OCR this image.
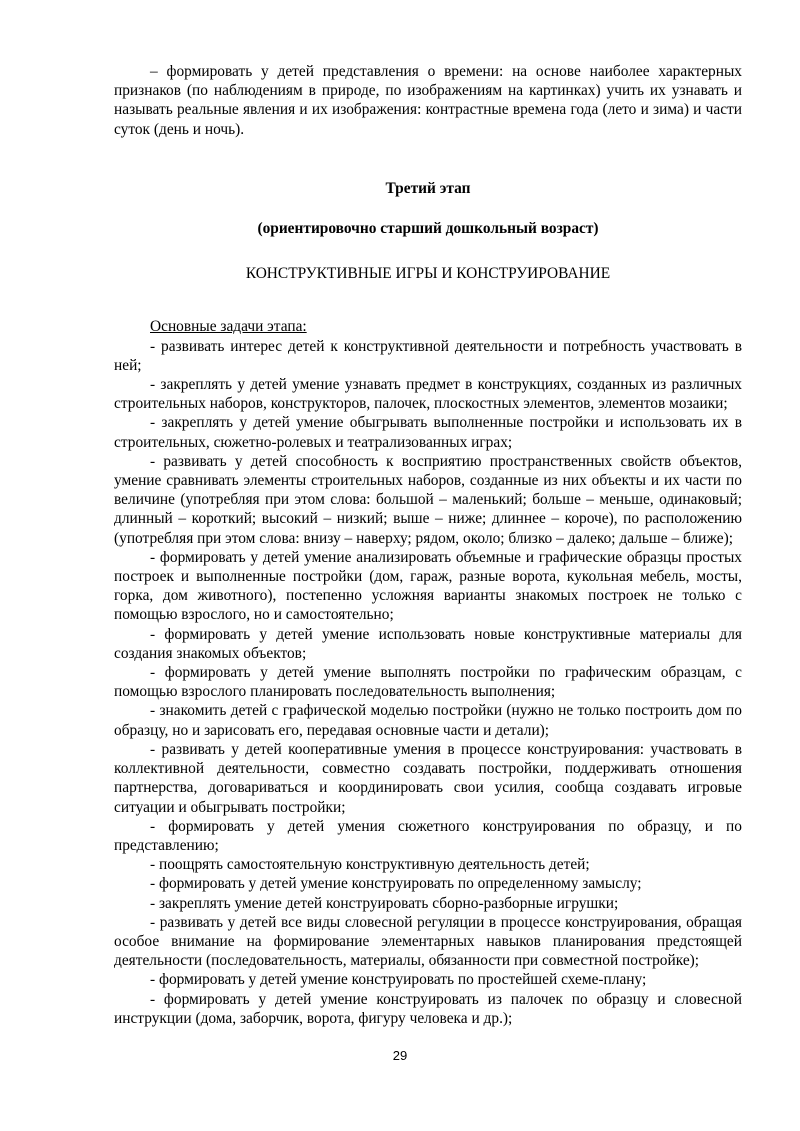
– формировать у детей представления о времени: на основе наиболее характерных признаков (по наблюдениям в природе, по изображениям на картинках) учить их узнавать и называть реальные явления и их изображения: контрастные времена года (лето и зима) и части суток (день и ночь).

Третий этап

(ориентировочно старший дошкольный возраст)

КОНСТРУКТИВНЫЕ ИГРЫ И КОНСТРУИРОВАНИЕ

Основные задачи этапа:

- развивать интерес детей к конструктивной деятельности и потребность участвовать в ней;

- закреплять у детей умение узнавать предмет в конструкциях, созданных из различных строительных наборов, конструкторов, палочек, плоскостных элементов, элементов мозаики;

- закреплять у детей умение обыгрывать выполненные постройки и использовать их в строительных, сюжетно-ролевых и театрализованных играх;

- развивать у детей способность к восприятию пространственных свойств объектов, умение сравнивать элементы строительных наборов, созданные из них объекты и их части по величине (употребляя при этом слова: большой – маленький; больше – меньше, одинаковый; длинный – короткий; высокий – низкий; выше – ниже; длиннее – короче), по расположению (употребляя при этом слова: внизу – наверху; рядом, около; близко – далеко; дальше – ближе);

- формировать у детей умение анализировать объемные и графические образцы простых построек и выполненные постройки (дом, гараж, разные ворота, кукольная мебель, мосты, горка, дом животного), постепенно усложняя варианты знакомых построек не только с помощью взрослого, но и самостоятельно;

- формировать у детей умение использовать новые конструктивные материалы для создания знакомых объектов;

- формировать у детей умение выполнять постройки по графическим образцам, с помощью взрослого планировать последовательность выполнения;

- знакомить детей с графической моделью постройки (нужно не только построить дом по образцу, но и зарисовать его, передавая основные части и детали);

- развивать у детей кооперативные умения в процессе конструирования: участвовать в коллективной деятельности, совместно создавать постройки, поддерживать отношения партнерства, договариваться и координировать свои усилия, сообща создавать игровые ситуации и обыгрывать постройки;

- формировать у детей умения сюжетного конструирования по образцу, и по представлению;

- поощрять самостоятельную конструктивную деятельность детей;

- формировать у детей умение конструировать по определенному замыслу;

- закреплять умение детей конструировать сборно-разборные игрушки;

- развивать у детей все виды словесной регуляции в процессе конструирования, обращая особое внимание на формирование элементарных навыков планирования предстоящей деятельности (последовательность, материалы, обязанности при совместной постройке);

- формировать у детей умение конструировать по простейшей схеме-плану;

- формировать у детей умение конструировать из палочек по образцу и словесной инструкции (дома, заборчик, ворота, фигуру человека и др.);

29
